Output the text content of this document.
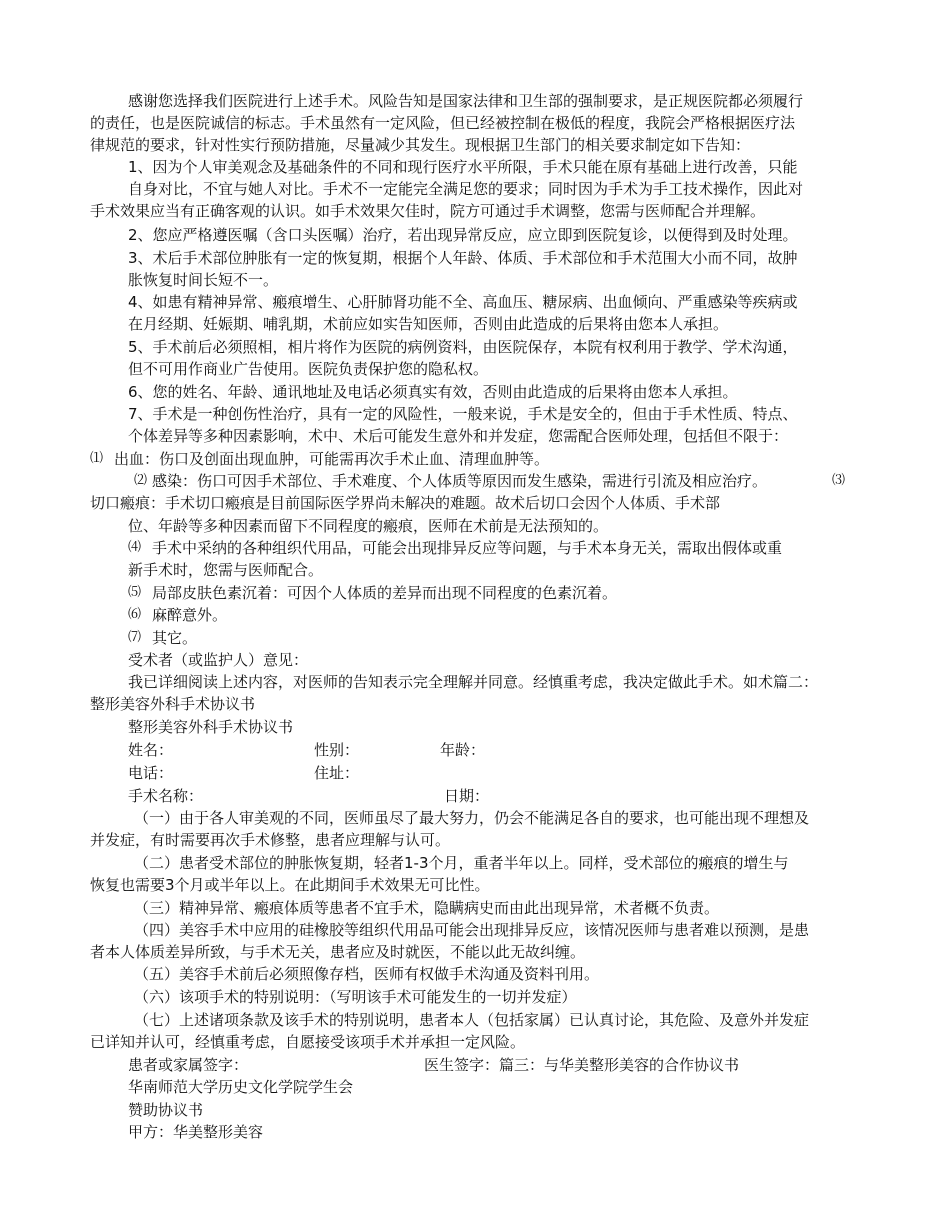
感谢您选择我们医院进行上述手术。风险告知是国家法律和卫生部的强制要求，是正规医院都必须履行
的责任，也是医院诚信的标志。手术虽然有一定风险，但已经被控制在极低的程度，我院会严格根据医疗法
律规范的要求，针对性实行预防措施，尽量减少其发生。现根据卫生部门的相关要求制定如下告知：
1、因为个人审美观念及基础条件的不同和现行医疗水平所限，手术只能在原有基础上进行改善，只能
自身对比，不宜与她人对比。手术不一定能完全满足您的要求；同时因为手术为手工技术操作，因此对
手术效果应当有正确客观的认识。如手术效果欠佳时，院方可通过手术调整，您需与医师配合并理解。
2、您应严格遵医嘱（含口头医嘱）治疗，若出现异常反应，应立即到医院复诊，以便得到及时处理。
3、术后手术部位肿胀有一定的恢复期，根据个人年龄、体质、手术部位和手术范围大小而不同，故肿
胀恢复时间长短不一。
4、如患有精神异常、瘢痕增生、心肝肺肾功能不全、高血压、糖尿病、出血倾向、严重感染等疾病或
在月经期、妊娠期、哺乳期，术前应如实告知医师，否则由此造成的后果将由您本人承担。
5、手术前后必须照相，相片将作为医院的病例资料，由医院保存，本院有权利用于教学、学术沟通，
但不可用作商业广告使用。医院负责保护您的隐私权。
6、您的姓名、年龄、通讯地址及电话必须真实有效，否则由此造成的后果将由您本人承担。
7、手术是一种创伤性治疗，具有一定的风险性，一般来说，手术是安全的，但由于手术性质、特点、
个体差异等多种因素影响，术中、术后可能发生意外和并发症，您需配合医师处理，包括但不限于：
⑴ 出血：伤口及创面出现血肿，可能需再次手术止血、清理血肿等。
⑵ 感染：伤口可因手术部位、手术难度、个人体质等原因而发生感染，需进行引流及相应治疗。	⑶
切口瘢痕：手术切口瘢痕是目前国际医学界尚未解决的难题。故术后切口会因个人体质、手术部
位、年龄等多种因素而留下不同程度的瘢痕，医师在术前是无法预知的。
⑷ 手术中采纳的各种组织代用品，可能会出现排异反应等问题，与手术本身无关，需取出假体或重
新手术时，您需与医师配合。
⑸ 局部皮肤色素沉着：可因个人体质的差异而出现不同程度的色素沉着。
⑹ 麻醉意外。
⑺ 其它。
受术者（或监护人）意见：
我已详细阅读上述内容，对医师的告知表示完全理解并同意。经慎重考虑，我决定做此手术。如术篇二：
整形美容外科手术协议书
整形美容外科手术协议书
姓名：	性别：	年龄：
电话：	住址：
手术名称：	日期：
（一）由于各人审美观的不同，医师虽尽了最大努力，仍会不能满足各自的要求，也可能出现不理想及
并发症，有时需要再次手术修整，患者应理解与认可。
（二）患者受术部位的肿胀恢复期，轻者1-3个月，重者半年以上。同样，受术部位的瘢痕的增生与
恢复也需要3个月或半年以上。在此期间手术效果无可比性。
（三）精神异常、瘢痕体质等患者不宜手术，隐瞒病史而由此出现异常，术者概不负责。
（四）美容手术中应用的硅橡胶等组织代用品可能会出现排异反应，该情况医师与患者难以预测，是患
者本人体质差异所致，与手术无关，患者应及时就医，不能以此无故纠缠。
（五）美容手术前后必须照像存档，医师有权做手术沟通及资料刊用。
（六）该项手术的特别说明：（写明该手术可能发生的一切并发症）
（七）上述诸项条款及该手术的特别说明，患者本人（包括家属）已认真讨论，其危险、及意外并发症
已详知并认可，经慎重考虑，自愿接受该项手术并承担一定风险。
患者或家属签字：	医生签字：篇三：与华美整形美容的合作协议书
华南师范大学历史文化学院学生会
赞助协议书
甲方：华美整形美容
